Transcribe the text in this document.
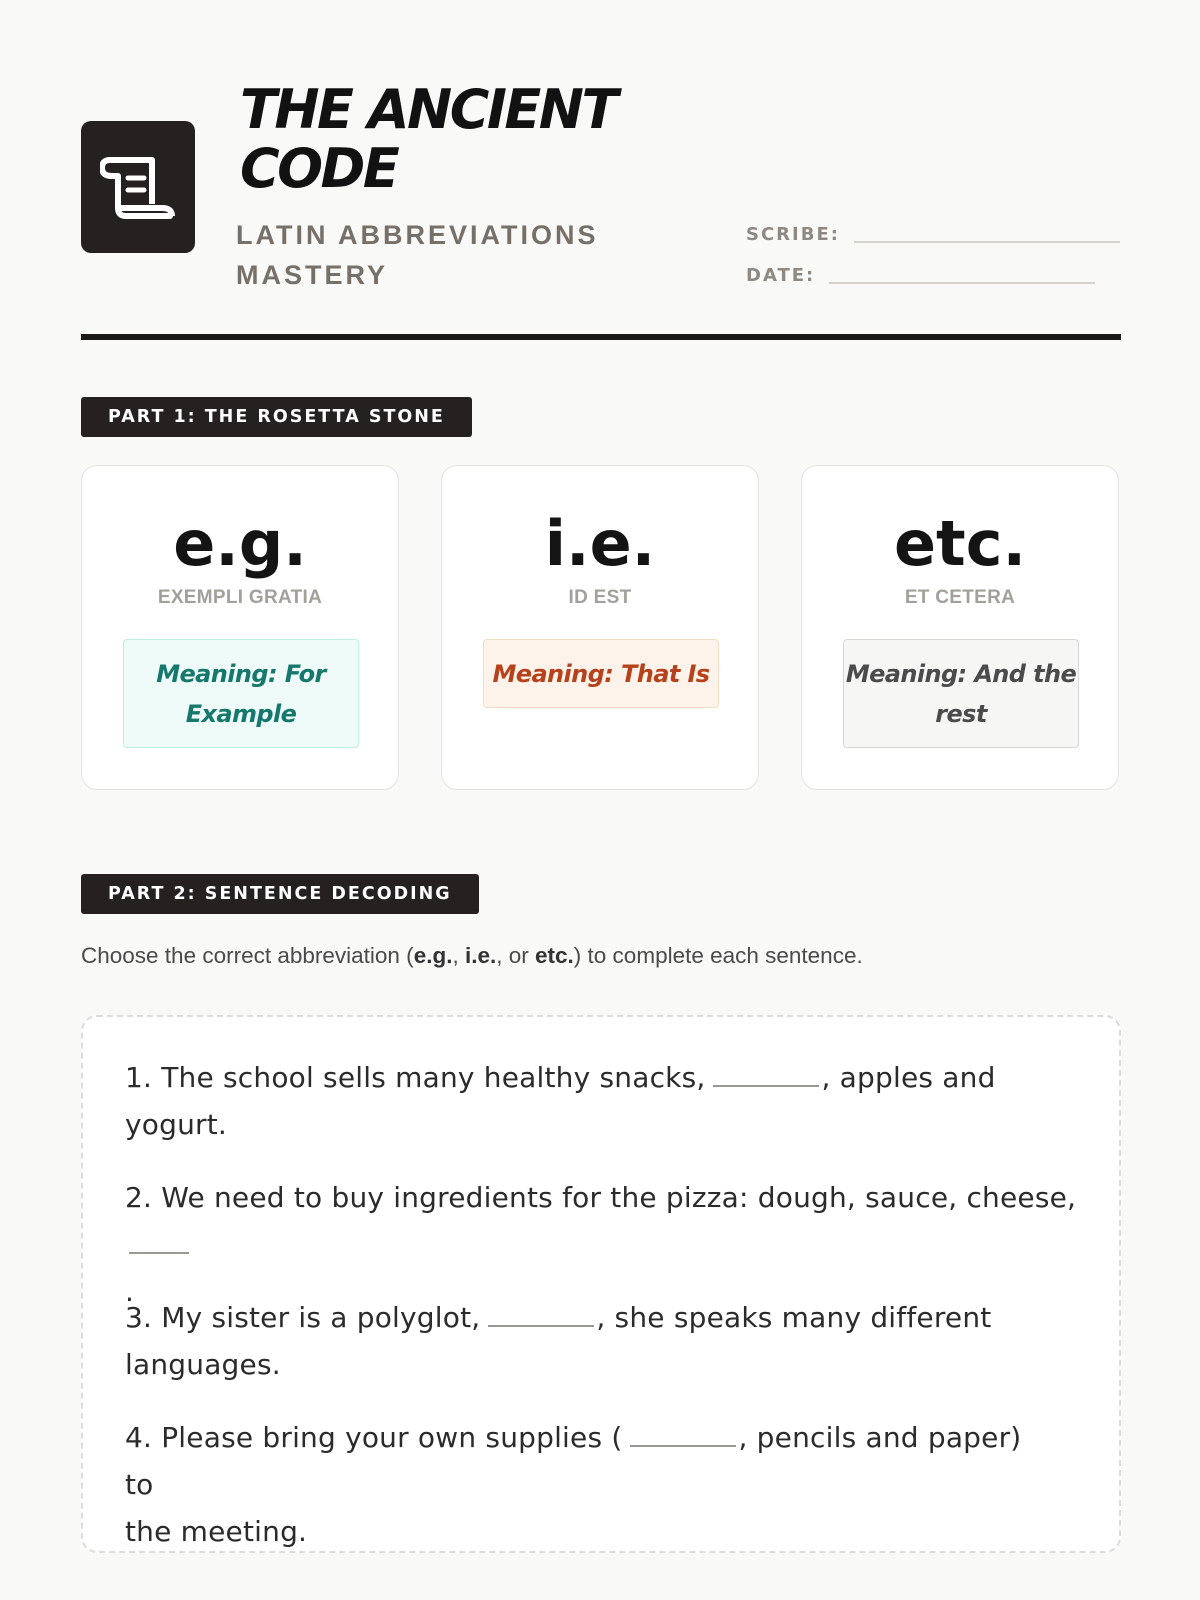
THE ANCIENT
CODE
LATIN ABBREVIATIONS
MASTERY
SCRIBE:
DATE:
PART 1: THE ROSETTA STONE
e.g.
EXEMPLI GRATIA
Meaning: For
Example
i.e.
ID EST
Meaning: That Is
etc.
ET CETERA
Meaning: And the
rest
PART 2: SENTENCE DECODING
Choose the correct abbreviation (e.g., i.e., or etc.) to complete each sentence.
1. The school sells many healthy snacks,	, apples and
yogurt.
2. We need to buy ingredients for the pizza: dough, sauce, cheese,
.
3. My sister is a polyglot,	, she speaks many different
languages.
4. Please bring your own supplies (	, pencils and paper) to
the meeting.
